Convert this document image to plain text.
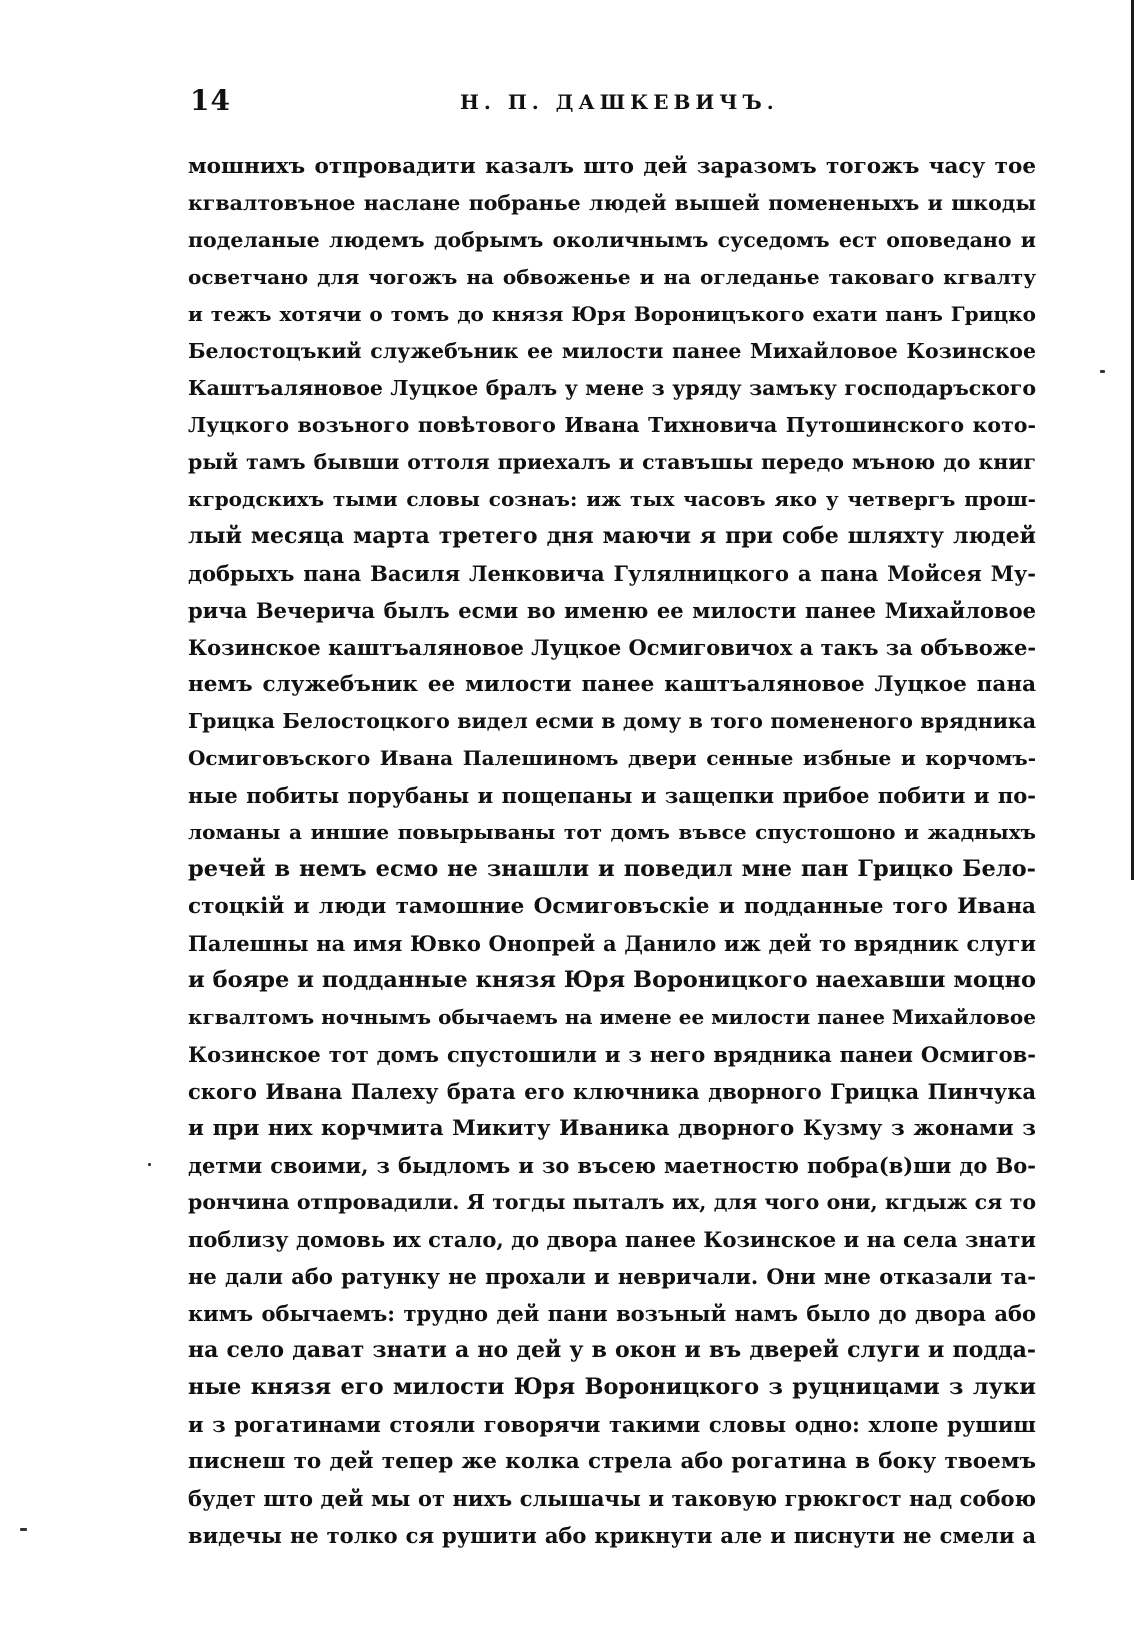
14	Н. П. ДАШКЕВИЧЪ.
мошнихъ отпровадити казалъ што дей заразомъ тогожъ часу тое
кгвалтовъное насланe побранье людей вышей помененыхъ и шкоды
поделаные людемъ добрымъ околичнымъ суседомъ ест оповедано и
осветчано для чогожъ на обвоженье и на огледанье таковаго кгвалту
и тежъ хотячи о томъ до князя Юря Вороницъкого ехати панъ Грицко
Белостоцъкий служебъник ее милости панее Михайловое Козинское
Каштъаляновое Луцкое бралъ у мене з уряду замъку господаръского
Луцкого возъного повѣтового Ивана Тихновича Путошинского кото-
рый тамъ бывши оттоля приехалъ и ставъшы передо мъною до книг
кгродскихъ тыми словы сознаъ: иж тых часовъ яко у четвергъ прош-
лый месяца марта третего дня маючи я при собе шляхту людей
добрыхъ пана Василя Ленковича Гулялницкого а пана Мойсея Му-
рича Вечерича былъ есми во именю ее милости панее Михайловое
Козинское каштъаляновое Луцкое Осмиговичох а такъ за объвоже-
немъ служебъник ее милости панее каштъаляновое Луцкое пана
Грицка Белостоцкого видел есми в дому в того помененого врядника
Осмиговъского Ивана Палешиномъ двери сенные избные и корчомъ-
ные побиты порубаны и пощепаны и защепки прибое побити и по-
ломаны а иншие повырываны тот домъ въвсе спустошоно и жадныхъ
речей в немъ есмо не знашли и поведил мне пан Грицко Бело-
стоцкій и люди тамошние Осмиговъскіе и подданные того Ивана
Палешны на имя Ювко Онопрей а Данило иж дей то врядник слуги
и бояре и подданные князя Юря Вороницкого наехавши моцно
кгвалтомъ ночнымъ обычаемъ на имене ее милости панее Михайловое
Козинское тот домъ спустошили и з него врядника панеи Осмигов-
ского Ивана Палеху брата его ключника дворного Грицка Пинчука
и при них корчмита Микиту Иваника дворного Кузму з жонами з
детми своими, з быдломъ и зо въсею маетностю побра(в)ши до Во-
рончина отпровадили. Я тогды пыталъ их, для чого они, кгдыж ся то
поблизу домовь их стало, до двора панее Козинское и на села знати
не дали або ратунку не прохали и невричали. Они мне отказали та-
кимъ обычаемъ: трудно дей пани возъный намъ было до двора або
на село дават знати а но дей у в окон и въ дверей слуги и подда-
ные князя его милости Юря Вороницкого з руцницами з луки
и з рогатинами стояли говорячи такими словы одно: хлопе рушиш
писнеш то дей тепер же колка стрела або рогатина в боку твоемъ
будет што дей мы от нихъ слышачы и таковую грюкгост над собою
видечы не толко ся рушити або крикнути але и писнути не смели а
